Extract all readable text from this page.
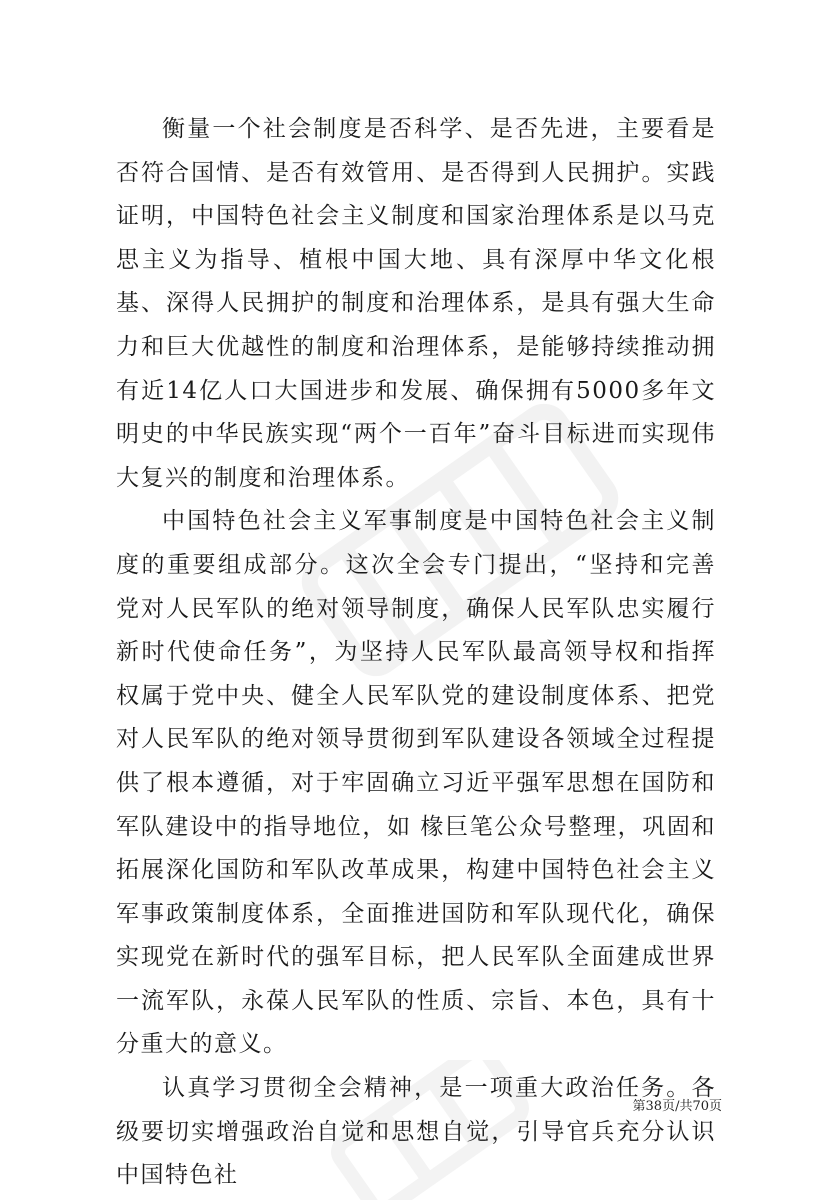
衡量一个社会制度是否科学、是否先进，主要看是否符合国情、是否有效管用、是否得到人民拥护。实践证明，中国特色社会主义制度和国家治理体系是以马克思主义为指导、植根中国大地、具有深厚中华文化根基、深得人民拥护的制度和治理体系，是具有强大生命力和巨大优越性的制度和治理体系，是能够持续推动拥有近14亿人口大国进步和发展、确保拥有5000多年文明史的中华民族实现“两个一百年”奋斗目标进而实现伟大复兴的制度和治理体系。

中国特色社会主义军事制度是中国特色社会主义制度的重要组成部分。这次全会专门提出，“坚持和完善党对人民军队的绝对领导制度，确保人民军队忠实履行新时代使命任务”，为坚持人民军队最高领导权和指挥权属于党中央、健全人民军队党的建设制度体系、把党对人民军队的绝对领导贯彻到军队建设各领域全过程提供了根本遵循，对于牢固确立习近平强军思想在国防和军队建设中的指导地位，如 椽巨笔公众号整理，巩固和拓展深化国防和军队改革成果，构建中国特色社会主义军事政策制度体系，全面推进国防和军队现代化，确保实现党在新时代的强军目标，把人民军队全面建成世界一流军队，永葆人民军队的性质、宗旨、本色，具有十分重大的意义。

认真学习贯彻全会精神，是一项重大政治任务。各级要切实增强政治自觉和思想自觉，引导官兵充分认识中国特色社

第38页/共70页
